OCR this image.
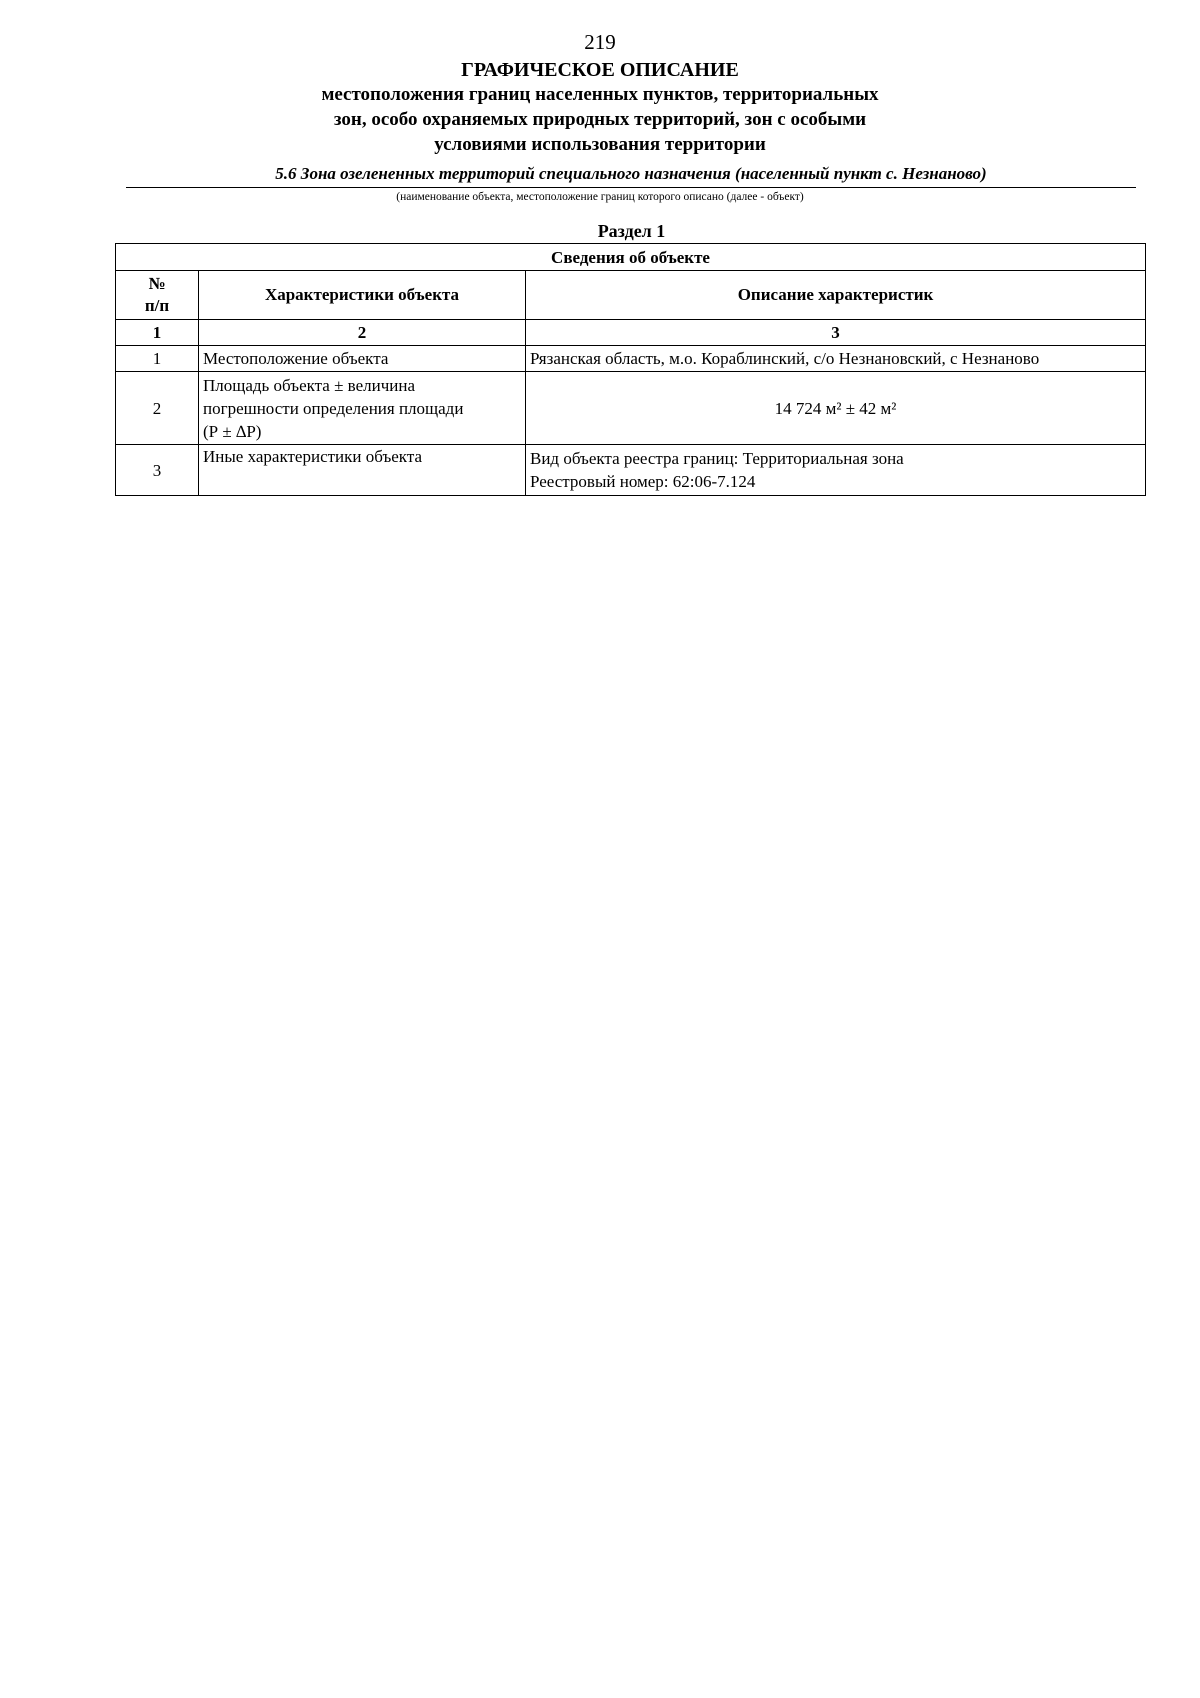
219
ГРАФИЧЕСКОЕ ОПИСАНИЕ
местоположения границ населенных пунктов, территориальных
зон, особо охраняемых природных территорий, зон с особыми
условиями использования территории
5.6 Зона озелененных территорий специального назначения (населенный пункт с. Незнаново)
(наименование объекта, местоположение границ которого описано (далее - объект)
Раздел 1
Сведения об объекте		

№
п/п	Характеристики объекта	Описание характеристик
1	2	3
1	Местоположение объекта	Рязанская область, м.о. Кораблинский, с/о Незнановский, с Незнаново

2	Площадь объекта ± величина
погрешности определения площади
(Р ± ∆Р)	14 724 м² ± 42 м²

3	Иные характеристики объекта	Вид объекта реестра границ: Территориальная зона
Реестровый номер: 62:06-7.124
